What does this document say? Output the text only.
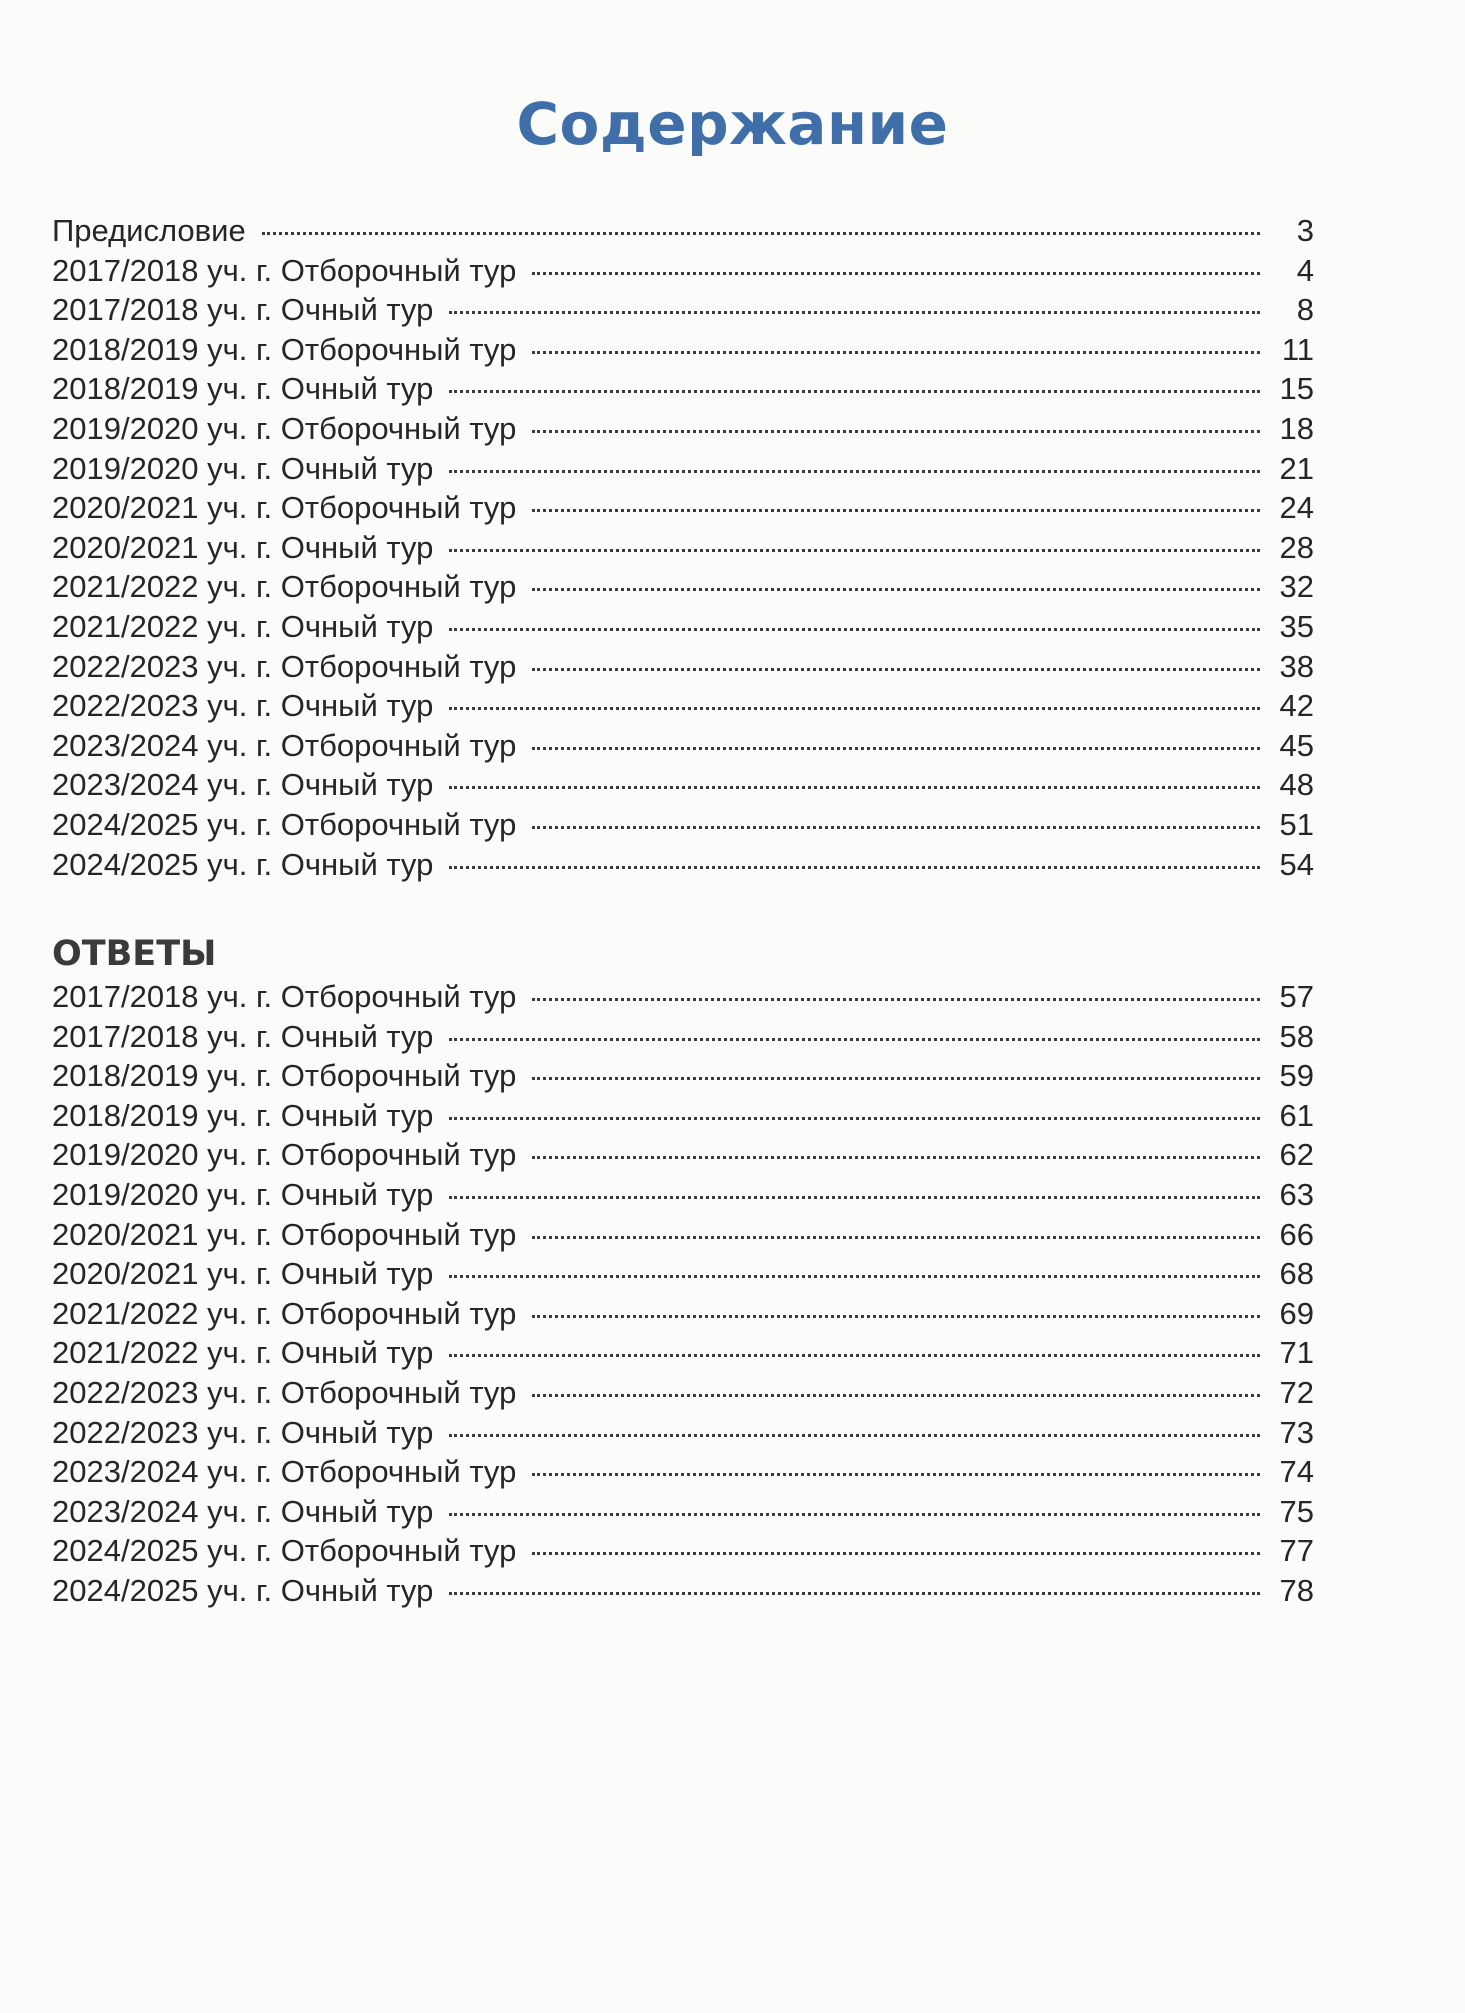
Содержание
Предисловие	3
2017/2018 уч. г. Отборочный тур	4
2017/2018 уч. г. Очный тур	8
2018/2019 уч. г. Отборочный тур	11
2018/2019 уч. г. Очный тур	15
2019/2020 уч. г. Отборочный тур	18
2019/2020 уч. г. Очный тур	21
2020/2021 уч. г. Отборочный тур	24
2020/2021 уч. г. Очный тур	28
2021/2022 уч. г. Отборочный тур	32
2021/2022 уч. г. Очный тур	35
2022/2023 уч. г. Отборочный тур	38
2022/2023 уч. г. Очный тур	42
2023/2024 уч. г. Отборочный тур	45
2023/2024 уч. г. Очный тур	48
2024/2025 уч. г. Отборочный тур	51
2024/2025 уч. г. Очный тур	54
ОТВЕТЫ
2017/2018 уч. г. Отборочный тур	57
2017/2018 уч. г. Очный тур	58
2018/2019 уч. г. Отборочный тур	59
2018/2019 уч. г. Очный тур	61
2019/2020 уч. г. Отборочный тур	62
2019/2020 уч. г. Очный тур	63
2020/2021 уч. г. Отборочный тур	66
2020/2021 уч. г. Очный тур	68
2021/2022 уч. г. Отборочный тур	69
2021/2022 уч. г. Очный тур	71
2022/2023 уч. г. Отборочный тур	72
2022/2023 уч. г. Очный тур	73
2023/2024 уч. г. Отборочный тур	74
2023/2024 уч. г. Очный тур	75
2024/2025 уч. г. Отборочный тур	77
2024/2025 уч. г. Очный тур	78
